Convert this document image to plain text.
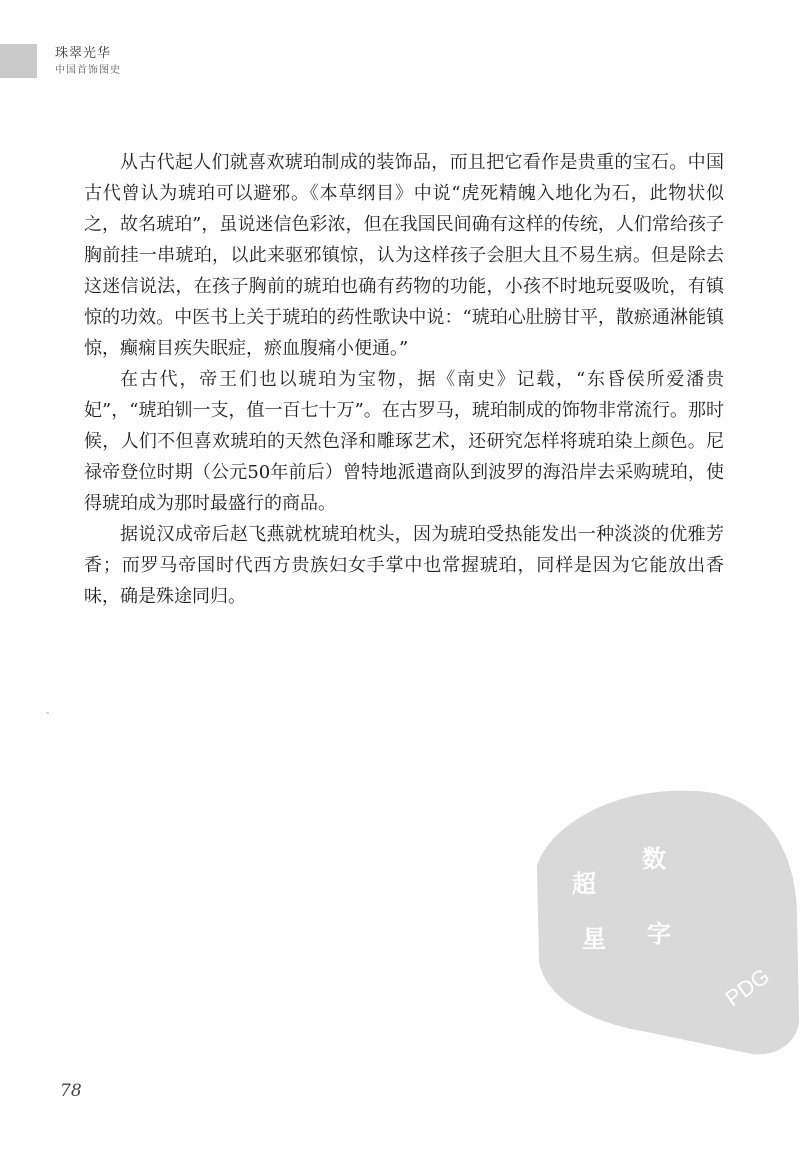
珠翠光华
中国首饰图史

从古代起人们就喜欢琥珀制成的装饰品，而且把它看作是贵重的宝石。中国古代曾认为琥珀可以避邪。《本草纲目》中说“虎死精魄入地化为石，此物状似之，故名琥珀”，虽说迷信色彩浓，但在我国民间确有这样的传统，人们常给孩子胸前挂一串琥珀，以此来驱邪镇惊，认为这样孩子会胆大且不易生病。但是除去这迷信说法，在孩子胸前的琥珀也确有药物的功能，小孩不时地玩耍吸吮，有镇惊的功效。中医书上关于琥珀的药性歌诀中说：“琥珀心肚膀甘平，散瘀通淋能镇惊，癫痫目疾失眠症，瘀血腹痛小便通。”

在古代，帝王们也以琥珀为宝物，据《南史》记载，“东昏侯所爱潘贵妃”，“琥珀钏一支，值一百七十万”。在古罗马，琥珀制成的饰物非常流行。那时候，人们不但喜欢琥珀的天然色泽和雕琢艺术，还研究怎样将琥珀染上颜色。尼禄帝登位时期（公元50年前后）曾特地派遣商队到波罗的海沿岸去采购琥珀，使得琥珀成为那时最盛行的商品。

据说汉成帝后赵飞燕就枕琥珀枕头，因为琥珀受热能发出一种淡淡的优雅芳香；而罗马帝国时代西方贵族妇女手掌中也常握琥珀，同样是因为它能放出香味，确是殊途同归。

超
星
数
字
PDG
78
